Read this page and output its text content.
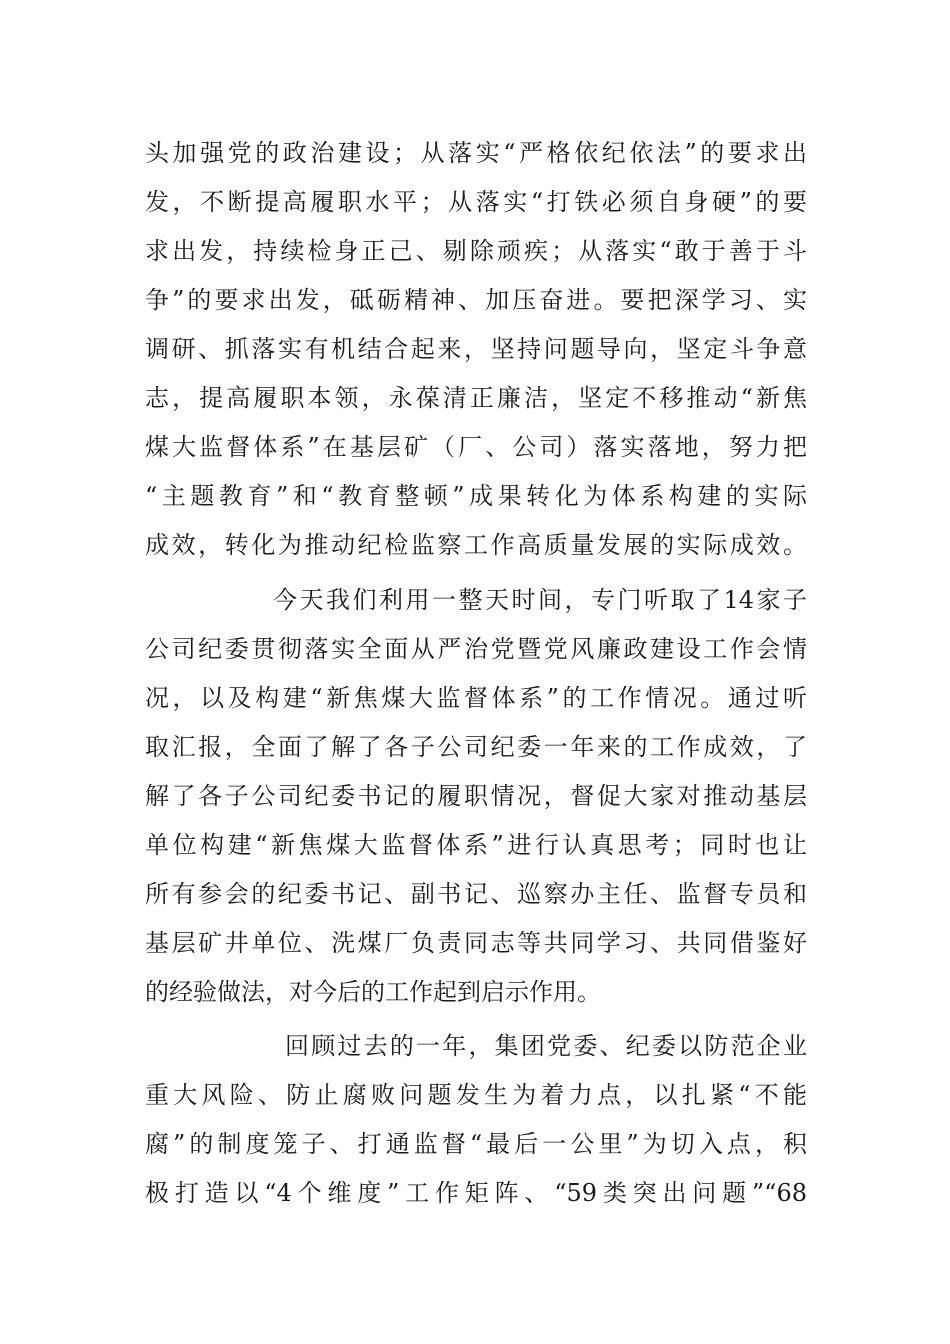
头加强党的政治建设；从落实“严格依纪依法”的要求出
发，不断提高履职水平；从落实“打铁必须自身硬”的要
求出发，持续检身正己、剔除顽疾；从落实“敢于善于斗
争”的要求出发，砥砺精神、加压奋进。要把深学习、实
调研、抓落实有机结合起来，坚持问题导向，坚定斗争意
志，提高履职本领，永葆清正廉洁，坚定不移推动“新焦
煤大监督体系”在基层矿（厂、公司）落实落地，努力把
“主题教育”和“教育整顿”成果转化为体系构建的实际
成效，转化为推动纪检监察工作高质量发展的实际成效。
今天我们利用一整天时间，专门听取了14家子
公司纪委贯彻落实全面从严治党暨党风廉政建设工作会情
况，以及构建“新焦煤大监督体系”的工作情况。通过听
取汇报，全面了解了各子公司纪委一年来的工作成效，了
解了各子公司纪委书记的履职情况，督促大家对推动基层
单位构建“新焦煤大监督体系”进行认真思考；同时也让
所有参会的纪委书记、副书记、巡察办主任、监督专员和
基层矿井单位、洗煤厂负责同志等共同学习、共同借鉴好
的经验做法，对今后的工作起到启示作用。
回顾过去的一年，集团党委、纪委以防范企业
重大风险、防止腐败问题发生为着力点，以扎紧“不能
腐”的制度笼子、打通监督“最后一公里”为切入点，积
极打造以“4个维度”工作矩阵、“59类突出问题”“68
